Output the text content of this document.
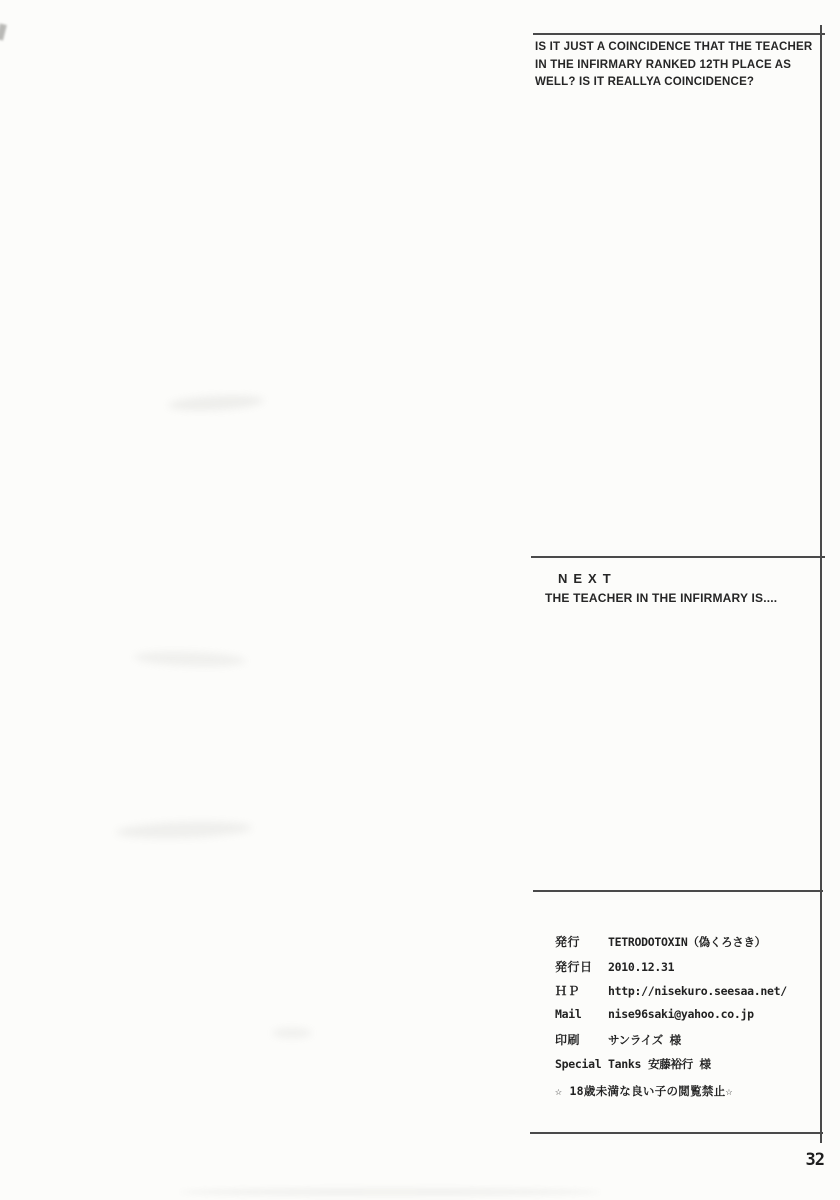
IS IT JUST A COINCIDENCE THAT THE TEACHER
IN THE INFIRMARY RANKED 12TH PLACE AS
WELL? IS IT REALLYA COINCIDENCE?
NEXT
THE TEACHER IN THE INFIRMARY IS....
発行	TETRODOTOXIN（偽くろさき）
発行日	2010.12.31
ＨＰ	http://nisekuro.seesaa.net/
Mail	nise96saki@yahoo.co.jp
印刷	サンライズ 様
Special Tanks 安藤裕行 様
☆ 18歳未満な良い子の閲覧禁止☆
32
